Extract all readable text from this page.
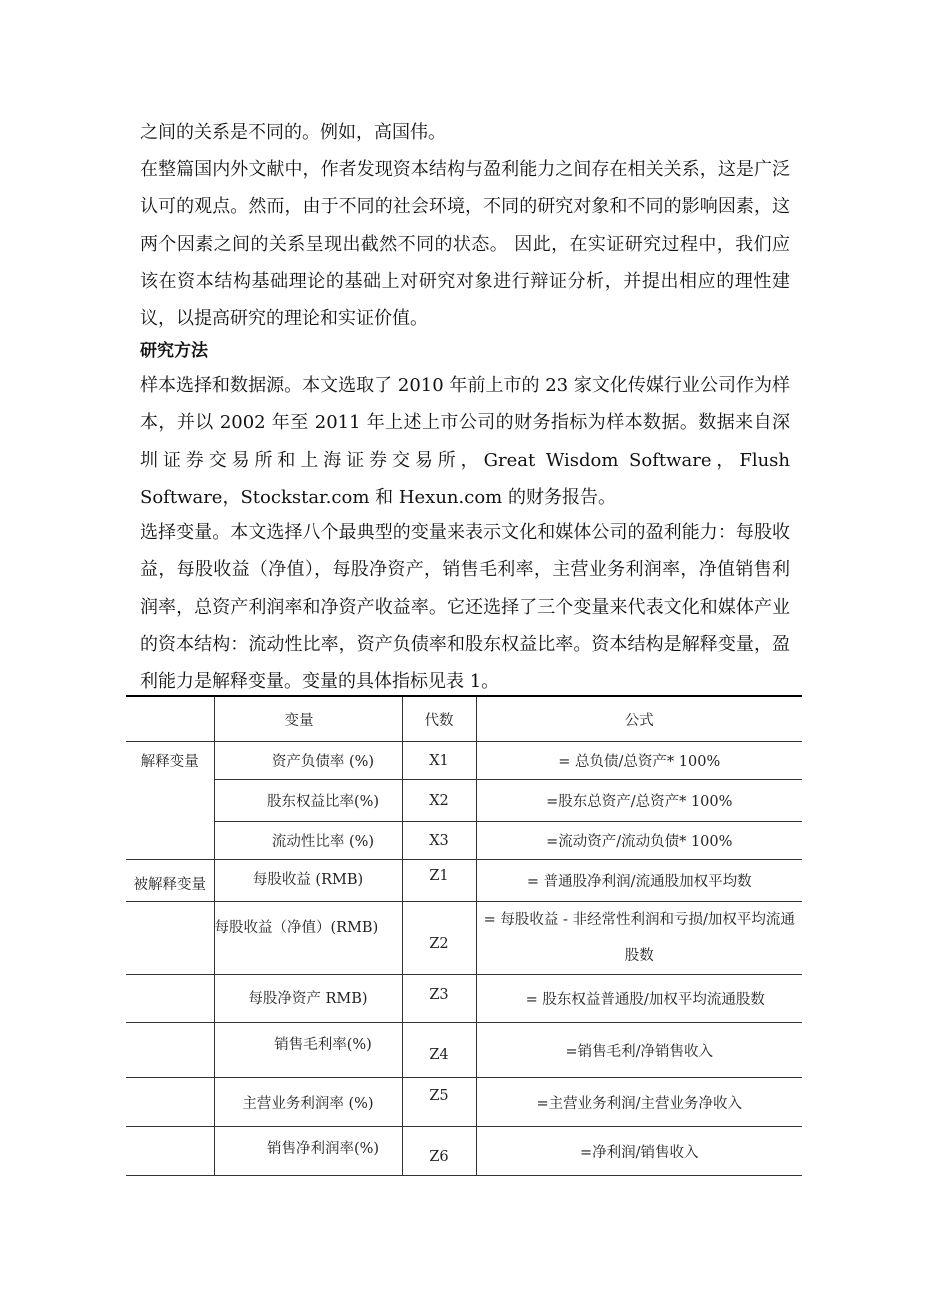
之间的关系是不同的。例如，高国伟。

在整篇国内外文献中，作者发现资本结构与盈利能力之间存在相关关系，这是广泛认可的观点。然而，由于不同的社会环境，不同的研究对象和不同的影响因素，这两个因素之间的关系呈现出截然不同的状态。 因此，在实证研究过程中，我们应该在资本结构基础理论的基础上对研究对象进行辩证分析，并提出相应的理性建议，以提高研究的理论和实证价值。

研究方法

样本选择和数据源。本文选取了 2010 年前上市的 23 家文化传媒行业公司作为样本，并以 2002 年至 2011 年上述上市公司的财务指标为样本数据。数据来自深圳证券交易所和上海证券交易所，Great Wisdom Software，Flush Software，Stockstar.com 和 Hexun.com 的财务报告。

选择变量。本文选择八个最典型的变量来表示文化和媒体公司的盈利能力：每股收益，每股收益（净值），每股净资产，销售毛利率，主营业务利润率，净值销售利润率，总资产利润率和净资产收益率。它还选择了三个变量来代表文化和媒体产业的资本结构：流动性比率，资产负债率和股东权益比率。资本结构是解释变量，盈利能力是解释变量。变量的具体指标见表 1。

	变量	代数	公式
解释变量	资产负债率 (%)	X1	= 总负债/总资产* 100%
	股东权益比率(%)	X2	=股东总资产/总资产* 100%
	流动性比率 (%)	X3	=流动资产/流动负债* 100%
被解释变量	每股收益 (RMB)	Z1	= 普通股净利润/流通股加权平均数
	每股收益（净值）(RMB)	Z2	= 每股收益 - 非经常性利润和亏损/加权平均流通股数

	每股净资产 RMB)	Z3	= 股东权益普通股/加权平均流通股数
	销售毛利率(%)	Z4	=销售毛利/净销售收入
	主营业务利润率 (%)	Z5	=主营业务利润/主营业务净收入
	销售净利润率(%)	Z6	=净利润/销售收入
